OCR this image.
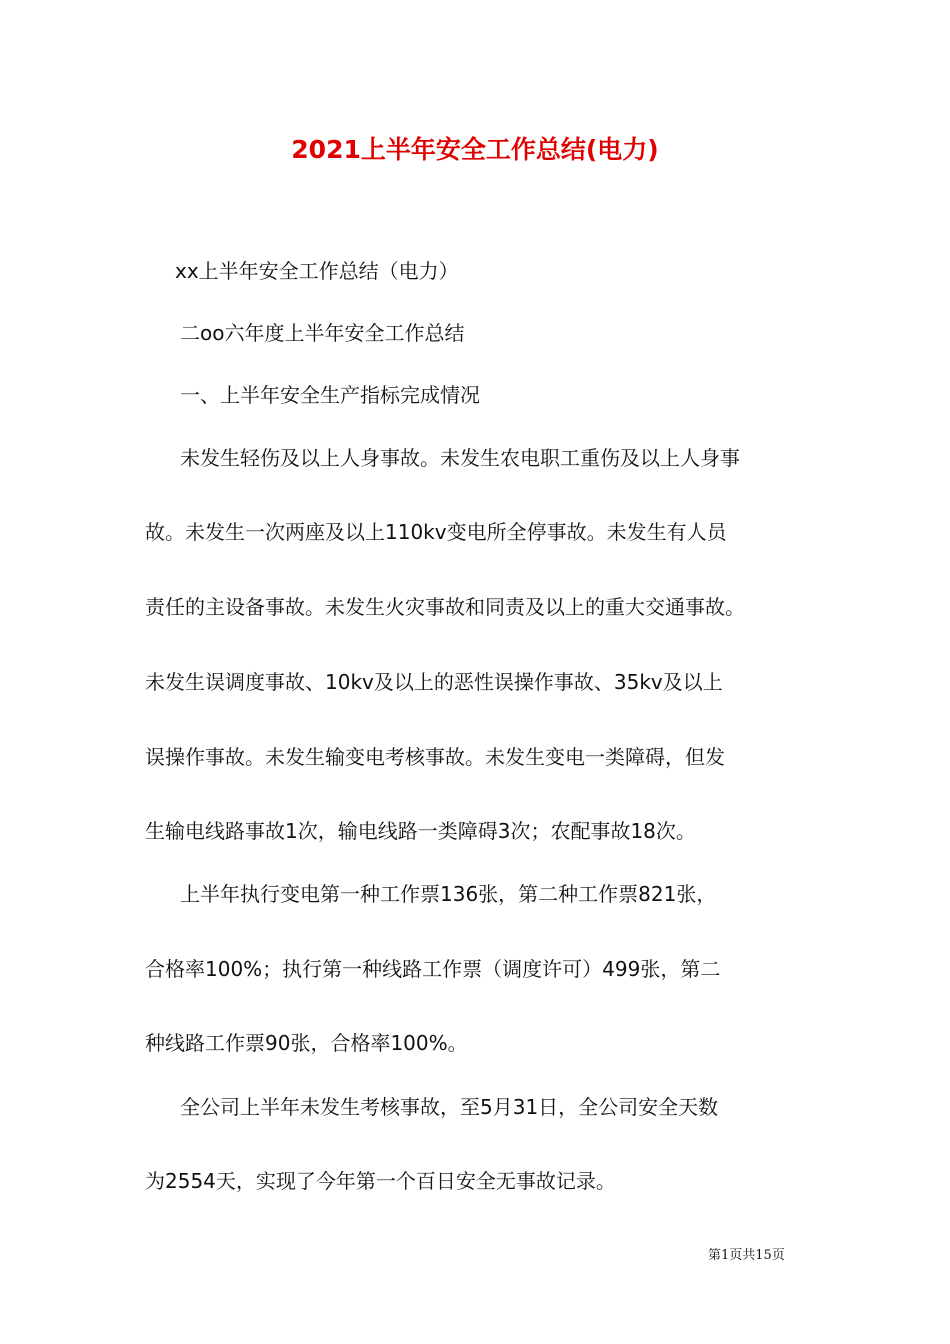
2021上半年安全工作总结(电力)

xx上半年安全工作总结（电力）

二oo六年度上半年安全工作总结

一、上半年安全生产指标完成情况

未发生轻伤及以上人身事故。未发生农电职工重伤及以上人身事

故。未发生一次两座及以上110kv变电所全停事故。未发生有人员

责任的主设备事故。未发生火灾事故和同责及以上的重大交通事故。

未发生误调度事故、10kv及以上的恶性误操作事故、35kv及以上

误操作事故。未发生输变电考核事故。未发生变电一类障碍，但发

生输电线路事故1次，输电线路一类障碍3次；农配事故18次。

上半年执行变电第一种工作票136张，第二种工作票821张，

合格率100%；执行第一种线路工作票（调度许可）499张，第二

种线路工作票90张，合格率100%。

全公司上半年未发生考核事故，至5月31日，全公司安全天数

为2554天，实现了今年第一个百日安全无事故记录。

第1页共15页
